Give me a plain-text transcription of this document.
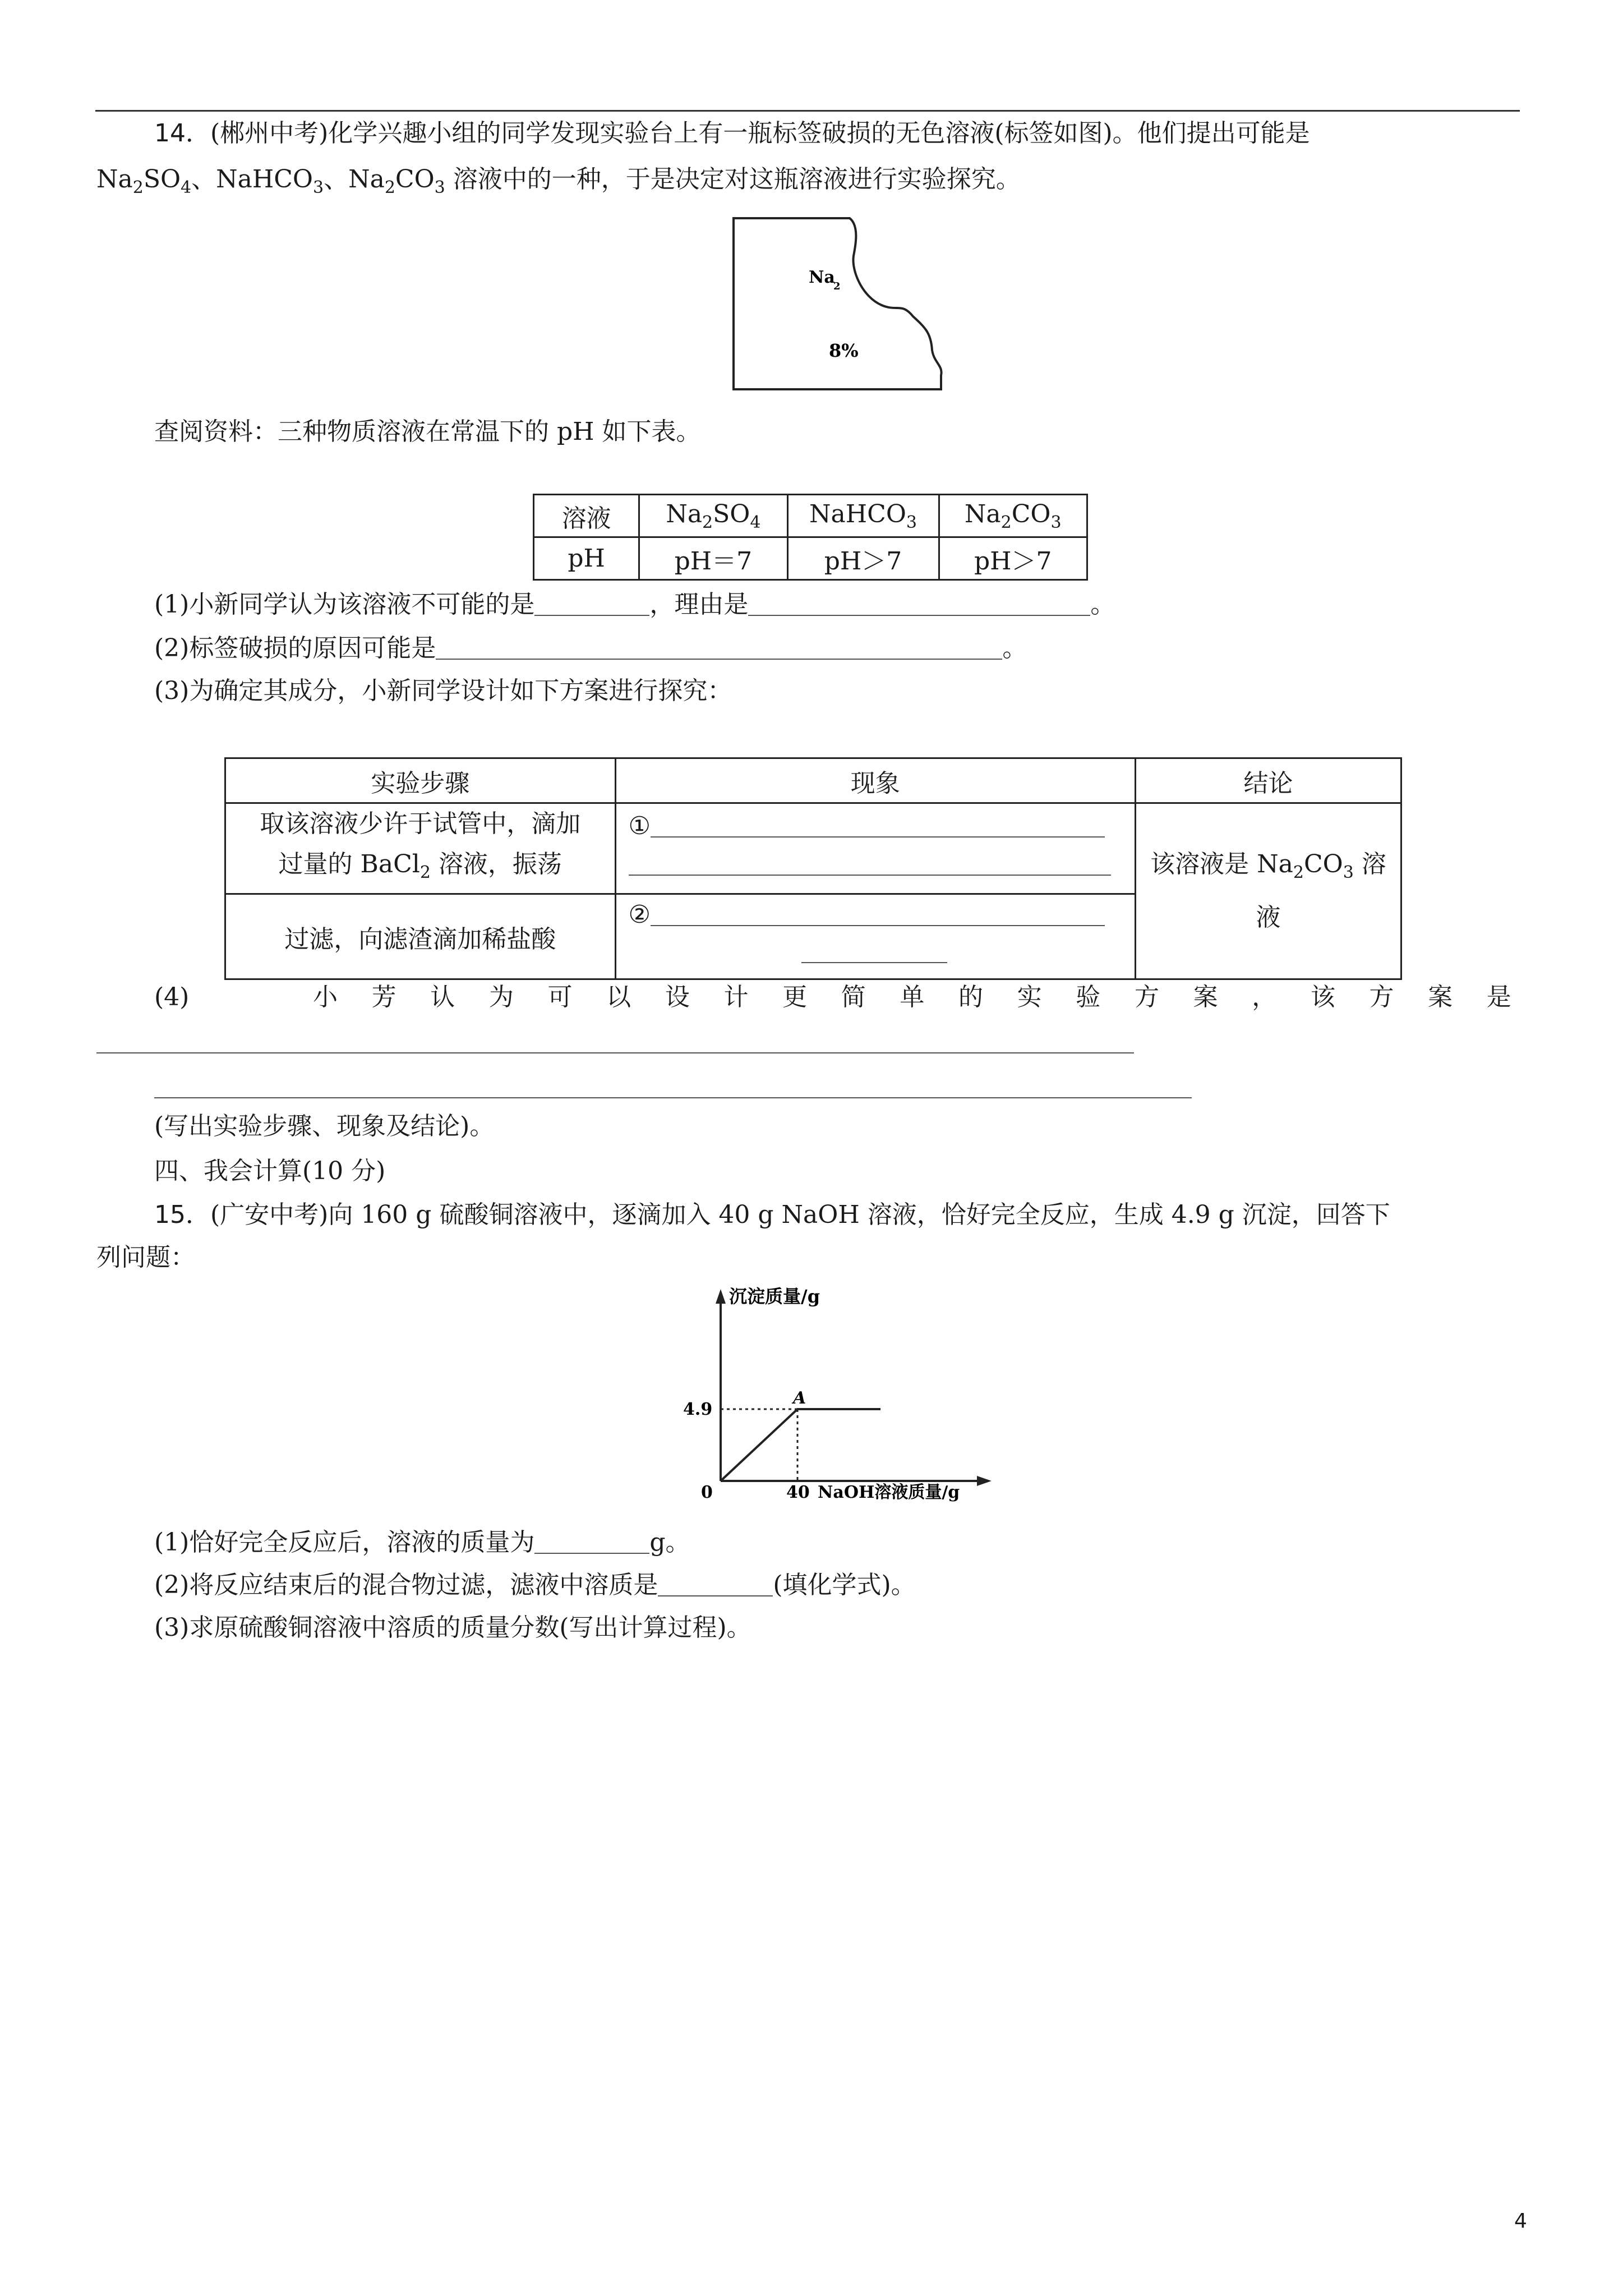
14．(郴州中考)化学兴趣小组的同学发现实验台上有一瓶标签破损的无色溶液(标签如图)。他们提出可能是
$Na_2SO_4$、NaHCO$_3$、$Na_2CO_3$ 溶液中的一种，于是决定对这瓶溶液进行实验探究。
Na
2
8%
查阅资料：三种物质溶液在常温下的 pH 如下表。
溶液	$Na_2SO_4$	NaHCO$_3$	$Na_2CO_3$
pH	pH＝7	pH＞7	pH＞7
(1)小新同学认为该溶液不可能的是	，理由是	。
(2)标签破损的原因可能是	。
(3)为确定其成分，小新同学设计如下方案进行探究：
实验步骤	现象	结论
取该溶液少许于试管中，滴加
过量的 BaCl$_2$ 溶液，振荡	①	该溶液是 $Na_2CO_3$ 溶
液
过滤，向滤渣滴加稀盐酸	②	
(4)	小 芳 认 为 可 以 设 计 更 简 单 的 实 验 方 案 ， 该 方 案 是
(写出实验步骤、现象及结论)。
四、我会计算(10 分)
15．(广安中考)向 160 g 硫酸铜溶液中，逐滴加入 40 g NaOH 溶液，恰好完全反应，生成 4.9 g 沉淀，回答下
列问题：
沉淀质量/g
NaOH溶液质量/g
0	40
4.9
A
(1)恰好完全反应后，溶液的质量为	g。
(2)将反应结束后的混合物过滤，滤液中溶质是	(填化学式)。
(3)求原硫酸铜溶液中溶质的质量分数(写出计算过程)。
4
